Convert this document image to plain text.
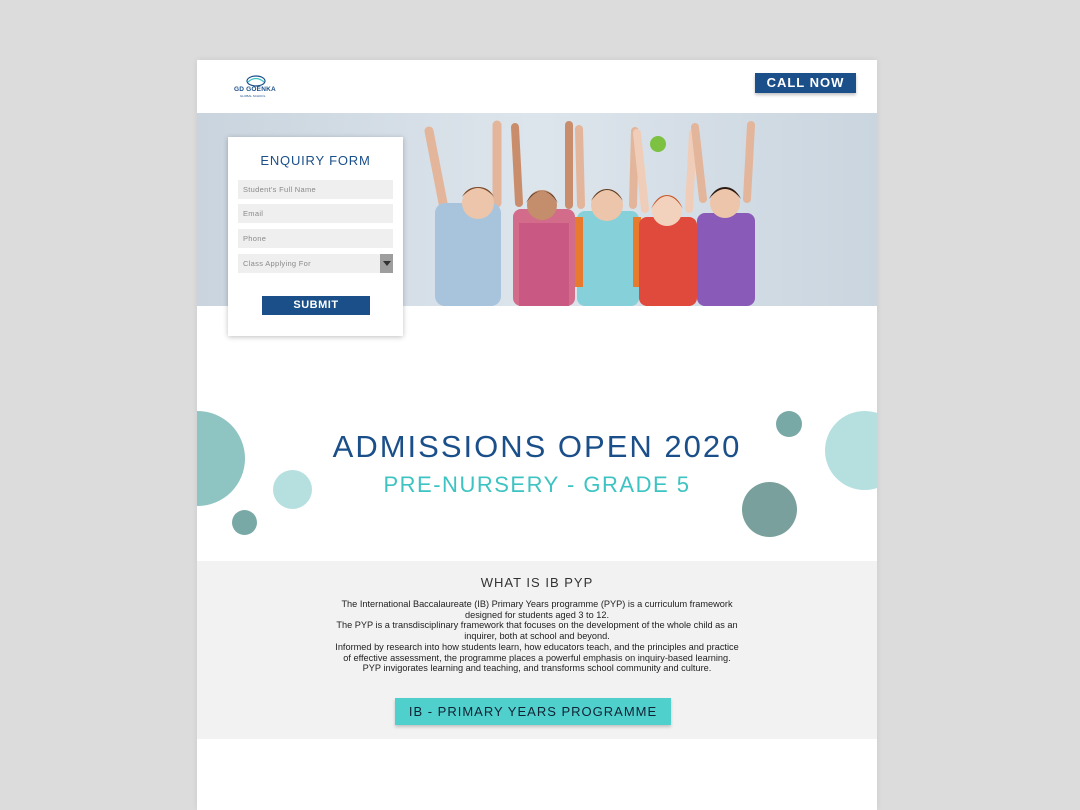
GD GOENKA
GLOBAL SCHOOL
CALL NOW
ENQUIRY FORM
Student's Full Name
Email
Phone
Class Applying For
SUBMIT
ADMISSIONS OPEN 2020
PRE-NURSERY - GRADE 5
WHAT IS IB PYP
The International Baccalaureate (IB) Primary Years programme (PYP) is a curriculum framework
designed for students aged 3 to 12.
The PYP is a transdisciplinary framework that focuses on the development of the whole child as an
inquirer, both at school and beyond.
Informed by research into how students learn, how educators teach, and the principles and practice
of effective assessment, the programme places a powerful emphasis on inquiry-based learning.
PYP invigorates learning and teaching, and transforms school community and culture.
IB - PRIMARY YEARS PROGRAMME
